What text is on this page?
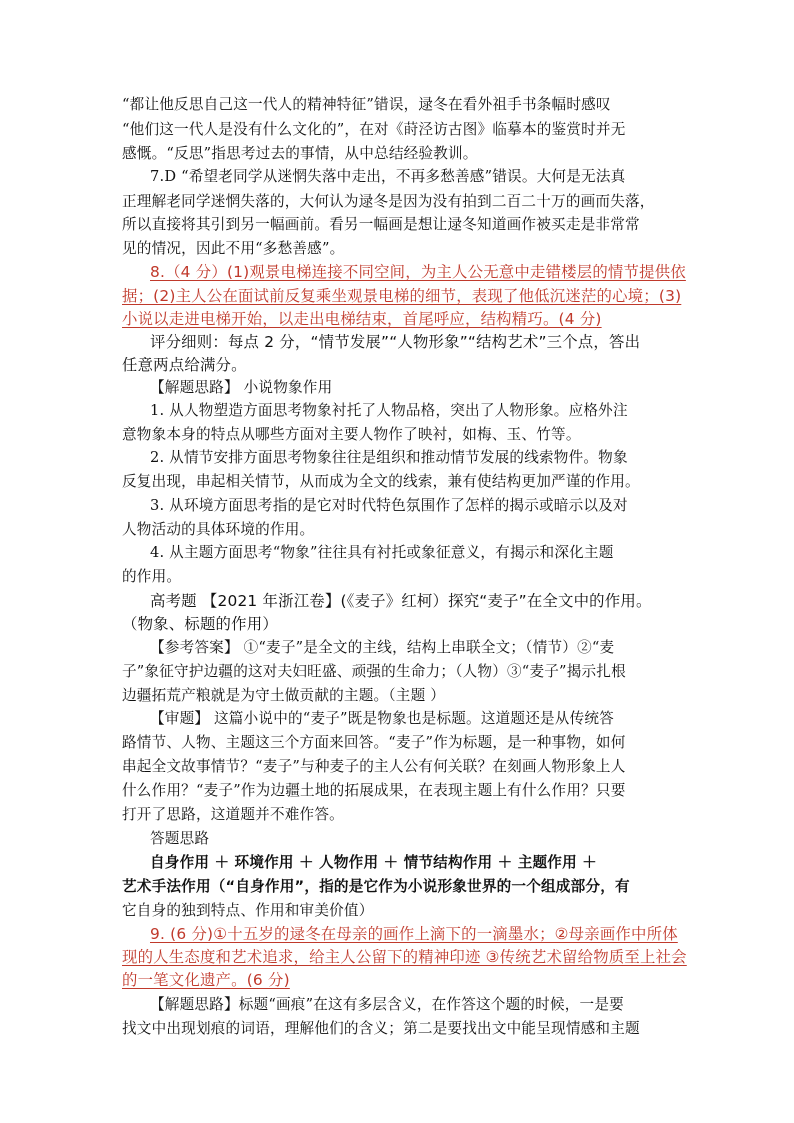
“都让他反思自己这一代人的精神特征”错误，逯冬在看外祖手书条幅时感叹
“他们这一代人是没有什么文化的”，在对《莳泾访古图》临摹本的鉴赏时并无
感慨。“反思”指思考过去的事情，从中总结经验教训。
7.D “希望老同学从迷惘失落中走出，不再多愁善感”错误。大何是无法真
正理解老同学迷惘失落的，大何认为逯冬是因为没有拍到二百二十万的画而失落，
所以直接将其引到另一幅画前。看另一幅画是想让逯冬知道画作被买走是非常常
见的情况，因此不用“多愁善感”。
8.（4 分）(1)观景电梯连接不同空间，为主人公无意中走错楼层的情节提供依
据；(2)主人公在面试前反复乘坐观景电梯的细节，表现了他低沉迷茫的心境；(3)
小说以走进电梯开始，以走出电梯结束，首尾呼应，结构精巧。(4 分)
评分细则：每点 2 分，“情节发展”“人物形象”“结构艺术”三个点，答出
任意两点给满分。
【解题思路】 小说物象作用
1. 从人物塑造方面思考物象衬托了人物品格，突出了人物形象。应格外注
意物象本身的特点从哪些方面对主要人物作了映衬，如梅、玉、竹等。
2. 从情节安排方面思考物象往往是组织和推动情节发展的线索物件。物象
反复出现，串起相关情节，从而成为全文的线索，兼有使结构更加严谨的作用。
3. 从环境方面思考指的是它对时代特色氛围作了怎样的揭示或暗示以及对
人物活动的具体环境的作用。
4. 从主题方面思考“物象”往往具有衬托或象征意义，有揭示和深化主题
的作用。
高考题 【2021 年浙江卷】(《麦子》红柯）探究“麦子”在全文中的作用。
（物象、标题的作用）
【参考答案】 ①“麦子”是全文的主线，结构上串联全文；（情节）②“麦
子”象征守护边疆的这对夫妇旺盛、顽强的生命力；（人物）③“麦子”揭示扎根
边疆拓荒产粮就是为守土做贡献的主题。（主题 ）
【审题】 这篇小说中的“麦子”既是物象也是标题。这道题还是从传统答
路情节、人物、主题这三个方面来回答。“麦子”作为标题，是一种事物，如何
串起全文故事情节？“麦子”与种麦子的主人公有何关联？在刻画人物形象上人
什么作用？“麦子”作为边疆土地的拓展成果，在表现主题上有什么作用？只要
打开了思路，这道题并不难作答。
答题思路
自身作用 ＋ 环境作用 ＋ 人物作用 ＋ 情节结构作用 ＋ 主题作用 ＋
艺术手法作用（“自身作用”，指的是它作为小说形象世界的一个组成部分，有
它自身的独到特点、作用和审美价值）
9. (6 分)①十五岁的逯冬在母亲的画作上滴下的一滴墨水；②母亲画作中所体
现的人生态度和艺术追求，给主人公留下的精神印迹 ③传统艺术留给物质至上社会
的一笔文化遗产。(6 分)
【解题思路】标题“画痕”在这有多层含义，在作答这个题的时候，一是要
找文中出现划痕的词语，理解他们的含义；第二是要找出文中能呈现情感和主题
